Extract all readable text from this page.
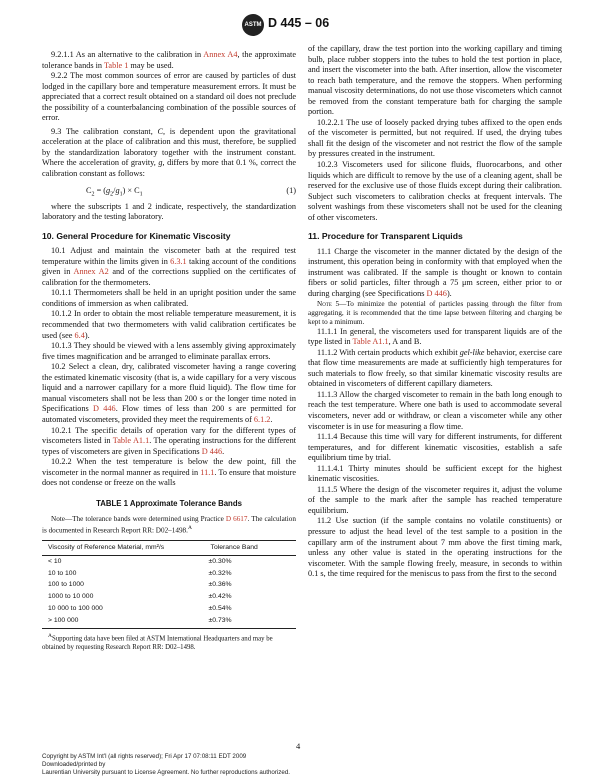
ASTM D 445 – 06

9.2.1.1 As an alternative to the calibration in Annex A4, the approximate tolerance bands in Table 1 may be used.

9.2.2 The most common sources of error are caused by particles of dust lodged in the capillary bore and temperature measurement errors. It must be appreciated that a correct result obtained on a standard oil does not preclude the possibility of a counterbalancing combination of the possible sources of error.

9.3 The calibration constant, C, is dependent upon the gravitational acceleration at the place of calibration and this must, therefore, be supplied by the standardization laboratory together with the instrument constant. Where the acceleration of gravity, g, differs by more that 0.1 %, correct the calibration constant as follows:

$C_2 = (g_2/g_1) \times C_1$	(1)

where the subscripts 1 and 2 indicate, respectively, the standardization laboratory and the testing laboratory.

10. General Procedure for Kinematic Viscosity

10.1 Adjust and maintain the viscometer bath at the required test temperature within the limits given in 6.3.1 taking account of the conditions given in Annex A2 and of the corrections supplied on the certificates of calibration for the thermometers.

10.1.1 Thermometers shall be held in an upright position under the same conditions of immersion as when calibrated.

10.1.2 In order to obtain the most reliable temperature measurement, it is recommended that two thermometers with valid calibration certificates be used (see 6.4).

10.1.3 They should be viewed with a lens assembly giving approximately five times magnification and be arranged to eliminate parallax errors.

10.2 Select a clean, dry, calibrated viscometer having a range covering the estimated kinematic viscosity (that is, a wide capillary for a very viscous liquid and a narrower capillary for a more fluid liquid). The flow time for manual viscometers shall not be less than 200 s or the longer time noted in Specifications D 446. Flow times of less than 200 s are permitted for automated viscometers, provided they meet the requirements of 6.1.2.

10.2.1 The specific details of operation vary for the different types of viscometers listed in Table A1.1. The operating instructions for the different types of viscometers are given in Specifications D 446.

10.2.2 When the test temperature is below the dew point, fill the viscometer in the normal manner as required in 11.1. To ensure that moisture does not condense or freeze on the walls

TABLE 1 Approximate Tolerance Bands

Note—The tolerance bands were determined using Practice D 6617. The calculation is documented in Research Report RR: D02–1498.$^A$

Viscosity of Reference Material, mm²/s	Tolerance Band
< 10	±0.30%
10 to 100	±0.32%
100 to 1000	±0.36%
1000 to 10 000	±0.42%
10 000 to 100 000	±0.54%
> 100 000	±0.73%
$^A$Supporting data have been filed at ASTM International Headquarters and may be obtained by requesting Research Report RR: D02–1498.

of the capillary, draw the test portion into the working capillary and timing bulb, place rubber stoppers into the tubes to hold the test portion in place, and insert the viscometer into the bath. After insertion, allow the viscometer to reach bath temperature, and the remove the stoppers. When performing manual viscosity determinations, do not use those viscometers which cannot be removed from the constant temperature bath for charging the sample portion.

10.2.2.1 The use of loosely packed drying tubes affixed to the open ends of the viscometer is permitted, but not required. If used, the drying tubes shall fit the design of the viscometer and not restrict the flow of the sample by pressures created in the instrument.

10.2.3 Viscometers used for silicone fluids, fluorocarbons, and other liquids which are difficult to remove by the use of a cleaning agent, shall be reserved for the exclusive use of those fluids except during their calibration. Subject such viscometers to calibration checks at frequent intervals. The solvent washings from these viscometers shall not be used for the cleaning of other viscometers.

11. Procedure for Transparent Liquids

11.1 Charge the viscometer in the manner dictated by the design of the instrument, this operation being in conformity with that employed when the instrument was calibrated. If the sample is thought or known to contain fibers or solid particles, filter through a 75 μm screen, either prior to or during charging (see Specifications D 446).

Note 5—To minimize the potential of particles passing through the filter from aggregating, it is recommended that the time lapse between filtering and charging be kept to a minimum.

11.1.1 In general, the viscometers used for transparent liquids are of the type listed in Table A1.1, A and B.

11.1.2 With certain products which exhibit gel-like behavior, exercise care that flow time measurements are made at sufficiently high temperatures for such materials to flow freely, so that similar kinematic viscosity results are obtained in viscometers of different capillary diameters.

11.1.3 Allow the charged viscometer to remain in the bath long enough to reach the test temperature. Where one bath is used to accommodate several viscometers, never add or withdraw, or clean a viscometer while any other viscometer is in use for measuring a flow time.

11.1.4 Because this time will vary for different instruments, for different temperatures, and for different kinematic viscosities, establish a safe equilibrium time by trial.

11.1.4.1 Thirty minutes should be sufficient except for the highest kinematic viscosities.

11.1.5 Where the design of the viscometer requires it, adjust the volume of the sample to the mark after the sample has reached temperature equilibrium.

11.2 Use suction (if the sample contains no volatile constituents) or pressure to adjust the head level of the test sample to a position in the capillary arm of the instrument about 7 mm above the first timing mark, unless any other value is stated in the operating instructions for the viscometer. With the sample flowing freely, measure, in seconds to within 0.1 s, the time required for the meniscus to pass from the first to the second

4
Copyright by ASTM Int'l (all rights reserved); Fri Apr 17 07:08:11 EDT 2009
Downloaded/printed by
Laurentian University pursuant to License Agreement. No further reproductions authorized.
